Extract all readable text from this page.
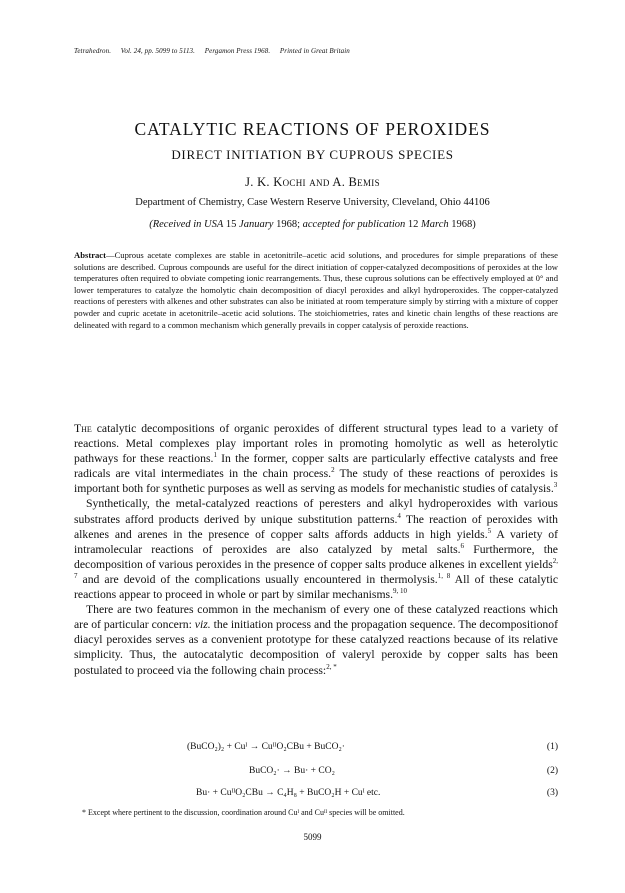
Tetrahedron. Vol. 24, pp. 5099 to 5113. Pergamon Press 1968. Printed in Great Britain
CATALYTIC REACTIONS OF PEROXIDES
DIRECT INITIATION BY CUPROUS SPECIES
J. K. Kochi and A. Bemis
Department of Chemistry, Case Western Reserve University, Cleveland, Ohio 44106
(Received in USA 15 January 1968; accepted for publication 12 March 1968)
Abstract—Cuprous acetate complexes are stable in acetonitrile–acetic acid solutions, and procedures for simple preparations of these solutions are described. Cuprous compounds are useful for the direct initiation of copper-catalyzed decompositions of peroxides at the low temperatures often required to obviate competing ionic rearrangements. Thus, these cuprous solutions can be effectively employed at 0° and lower temperatures to catalyze the homolytic chain decomposition of diacyl peroxides and alkyl hydroperoxides. The copper-catalyzed reactions of peresters with alkenes and other substrates can also be initiated at room temperature simply by stirring with a mixture of copper powder and cupric acetate in acetonitrile–acetic acid solutions. The stoichiometries, rates and kinetic chain lengths of these reactions are delineated with regard to a common mechanism which generally prevails in copper catalysis of peroxide reactions.

The catalytic decompositions of organic peroxides of different structural types lead to a variety of reactions. Metal complexes play important roles in promoting homolytic as well as heterolytic pathways for these reactions.$^1$ In the former, copper salts are particularly effective catalysts and free radicals are vital intermediates in the chain process.$^2$ The study of these reactions of peroxides is important both for synthetic purposes as well as serving as models for mechanistic studies of catalysis.$^3$

Synthetically, the metal-catalyzed reactions of peresters and alkyl hydroperoxides with various substrates afford products derived by unique substitution patterns.$^4$ The reaction of peroxides with alkenes and arenes in the presence of copper salts affords adducts in high yields.$^5$ A variety of intramolecular reactions of peroxides are also catalyzed by metal salts.$^6$ Furthermore, the decomposition of various peroxides in the presence of copper salts produce alkenes in excellent yields$^{2, 7}$ and are devoid of the complications usually encountered in thermolysis.$^{1, 8}$ All of these catalytic reactions appear to proceed in whole or part by similar mechanisms.$^{9, 10}$

There are two features common in the mechanism of every one of these catalyzed reactions which are of particular concern: viz. the initiation process and the propagation sequence. The decompositionof diacyl peroxides serves as a convenient prototype for these catalyzed reactions because of its relative simplicity. Thus, the autocatalytic decomposition of valeryl peroxide by copper salts has been postulated to proceed via the following chain process:$^{2, *}$

(BuCO₂)₂ + Cuᴵ → CuᴵᴵO₂CBu + BuCO₂·	(1)
BuCO₂· → Bu· + CO₂	(2)
Bu· + CuᴵᴵO₂CBu → C₄H₈ + BuCO₂H + Cuᴵ etc.	(3)
* Except where pertinent to the discussion, coordination around Cuᴵ and Cuᴵᴵ species will be omitted.
5099
